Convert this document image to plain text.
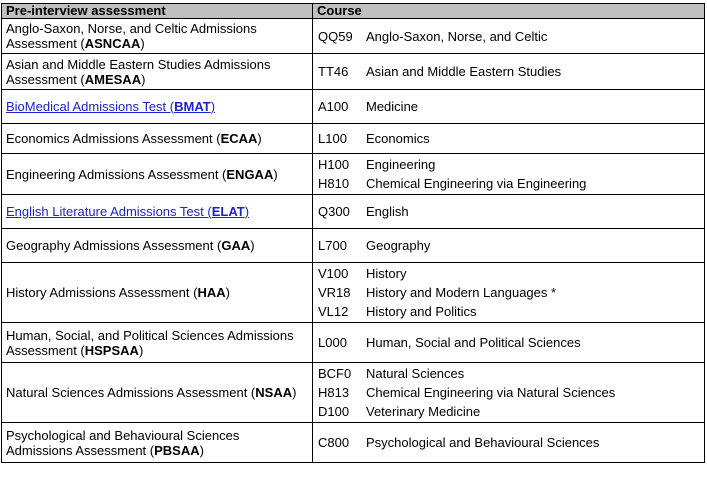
Pre-interview assessment	Course
Anglo-Saxon, Norse, and Celtic Admissions Assessment (ASNCAA)	QQ59 Anglo-Saxon, Norse, and Celtic

Asian and Middle Eastern Studies Admissions Assessment (AMESAA)	TT46 Asian and Middle Eastern Studies

BioMedical Admissions Test (BMAT)	A100 Medicine

Economics Admissions Assessment (ECAA)	L100 Economics

Engineering Admissions Assessment (ENGAA)	H100 Engineering
H810 Chemical Engineering via Engineering

English Literature Admissions Test (ELAT)	Q300 English

Geography Admissions Assessment (GAA)	L700 Geography

History Admissions Assessment (HAA)	V100 History
VR18 History and Modern Languages *
VL12 History and Politics

Human, Social, and Political Sciences Admissions Assessment (HSPSAA)	L000 Human, Social and Political Sciences

Natural Sciences Admissions Assessment (NSAA)	BCF0 Natural Sciences
H813 Chemical Engineering via Natural Sciences
D100 Veterinary Medicine

Psychological and Behavioural Sciences Admissions Assessment (PBSAA)	C800 Psychological and Behavioural Sciences
